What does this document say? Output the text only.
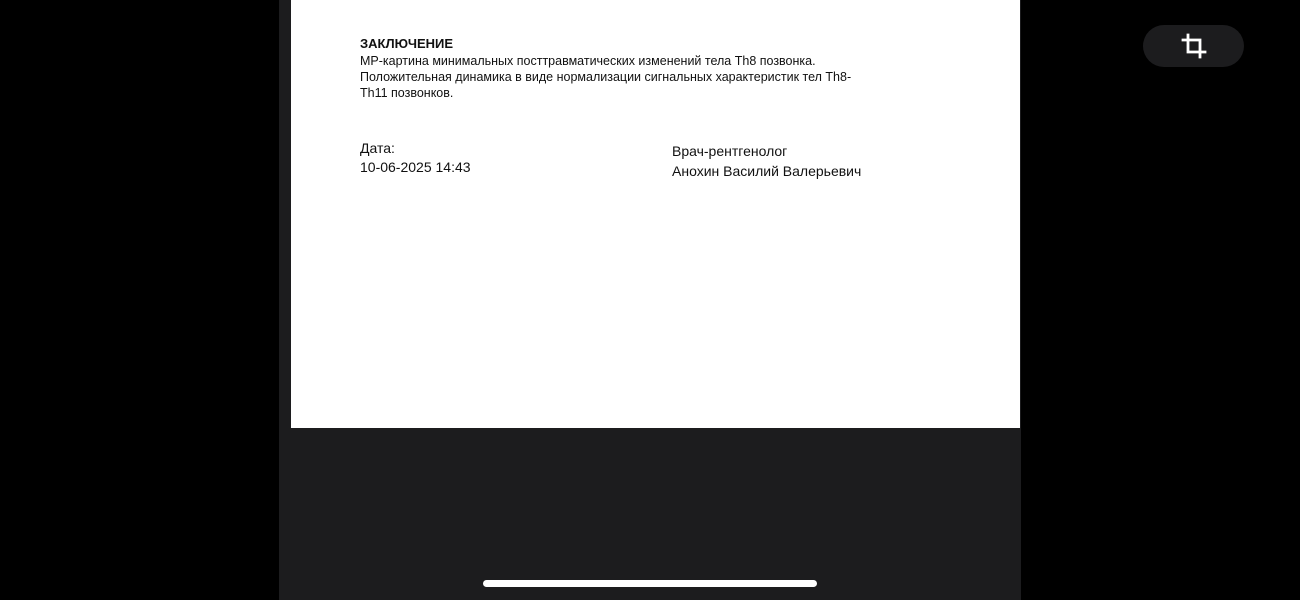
ЗАКЛЮЧЕНИЕ
МР-картина минимальных посттравматических изменений тела Th8 позвонка.
Положительная динамика в виде нормализации сигнальных характеристик тел Th8-
Th11 позвонков.
Дата:
10-06-2025 14:43
Врач-рентгенолог
Анохин Василий Валерьевич
